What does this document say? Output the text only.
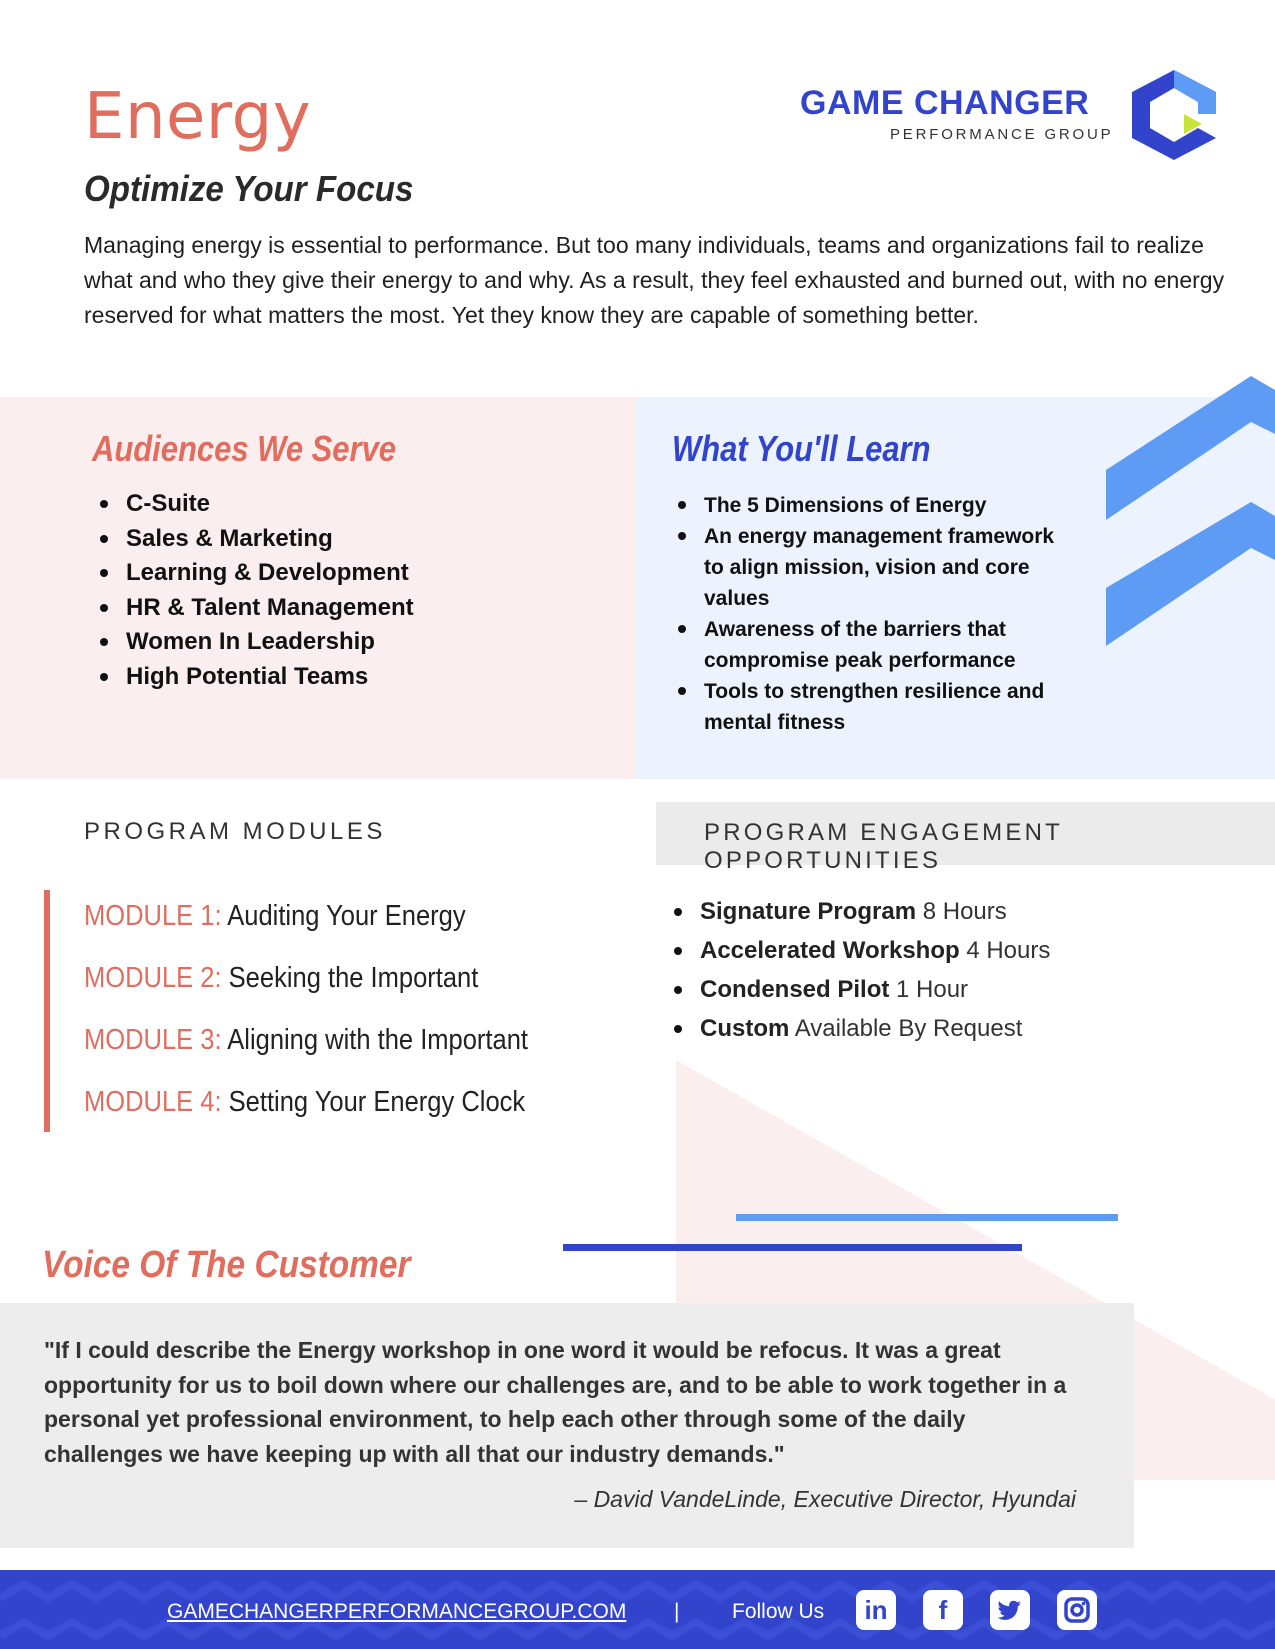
Energy
Optimize Your Focus
Managing energy is essential to performance. But too many individuals, teams and organizations fail to realize what and who they give their energy to and why. As a result, they feel exhausted and burned out, with no energy reserved for what matters the most. Yet they know they are capable of something better.
GAME CHANGER
PERFORMANCE GROUP
Audiences We Serve
C-Suite
Sales & Marketing
Learning & Development
HR & Talent Management
Women In Leadership
High Potential Teams
What You'll Learn
The 5 Dimensions of Energy
An energy management framework to align mission, vision and core values
Awareness of the barriers that compromise peak performance
Tools to strengthen resilience and mental fitness
PROGRAM MODULES	PROGRAM ENGAGEMENT OPPORTUNITIES
MODULE 1: Auditing Your Energy
MODULE 2: Seeking the Important
MODULE 3: Aligning with the Important
MODULE 4: Setting Your Energy Clock
Signature Program 8 Hours
Accelerated Workshop 4 Hours
Condensed Pilot 1 Hour
Custom Available By Request
Voice Of The Customer
"If I could describe the Energy workshop in one word it would be refocus. It was a great opportunity for us to boil down where our challenges are, and to be able to work together in a personal yet professional environment, to help each other through some of the daily challenges we have keeping up with all that our industry demands."
– David VandeLinde, Executive Director, Hyundai
GAMECHANGERPERFORMANCEGROUP.COM |	Follow Us	in	f
